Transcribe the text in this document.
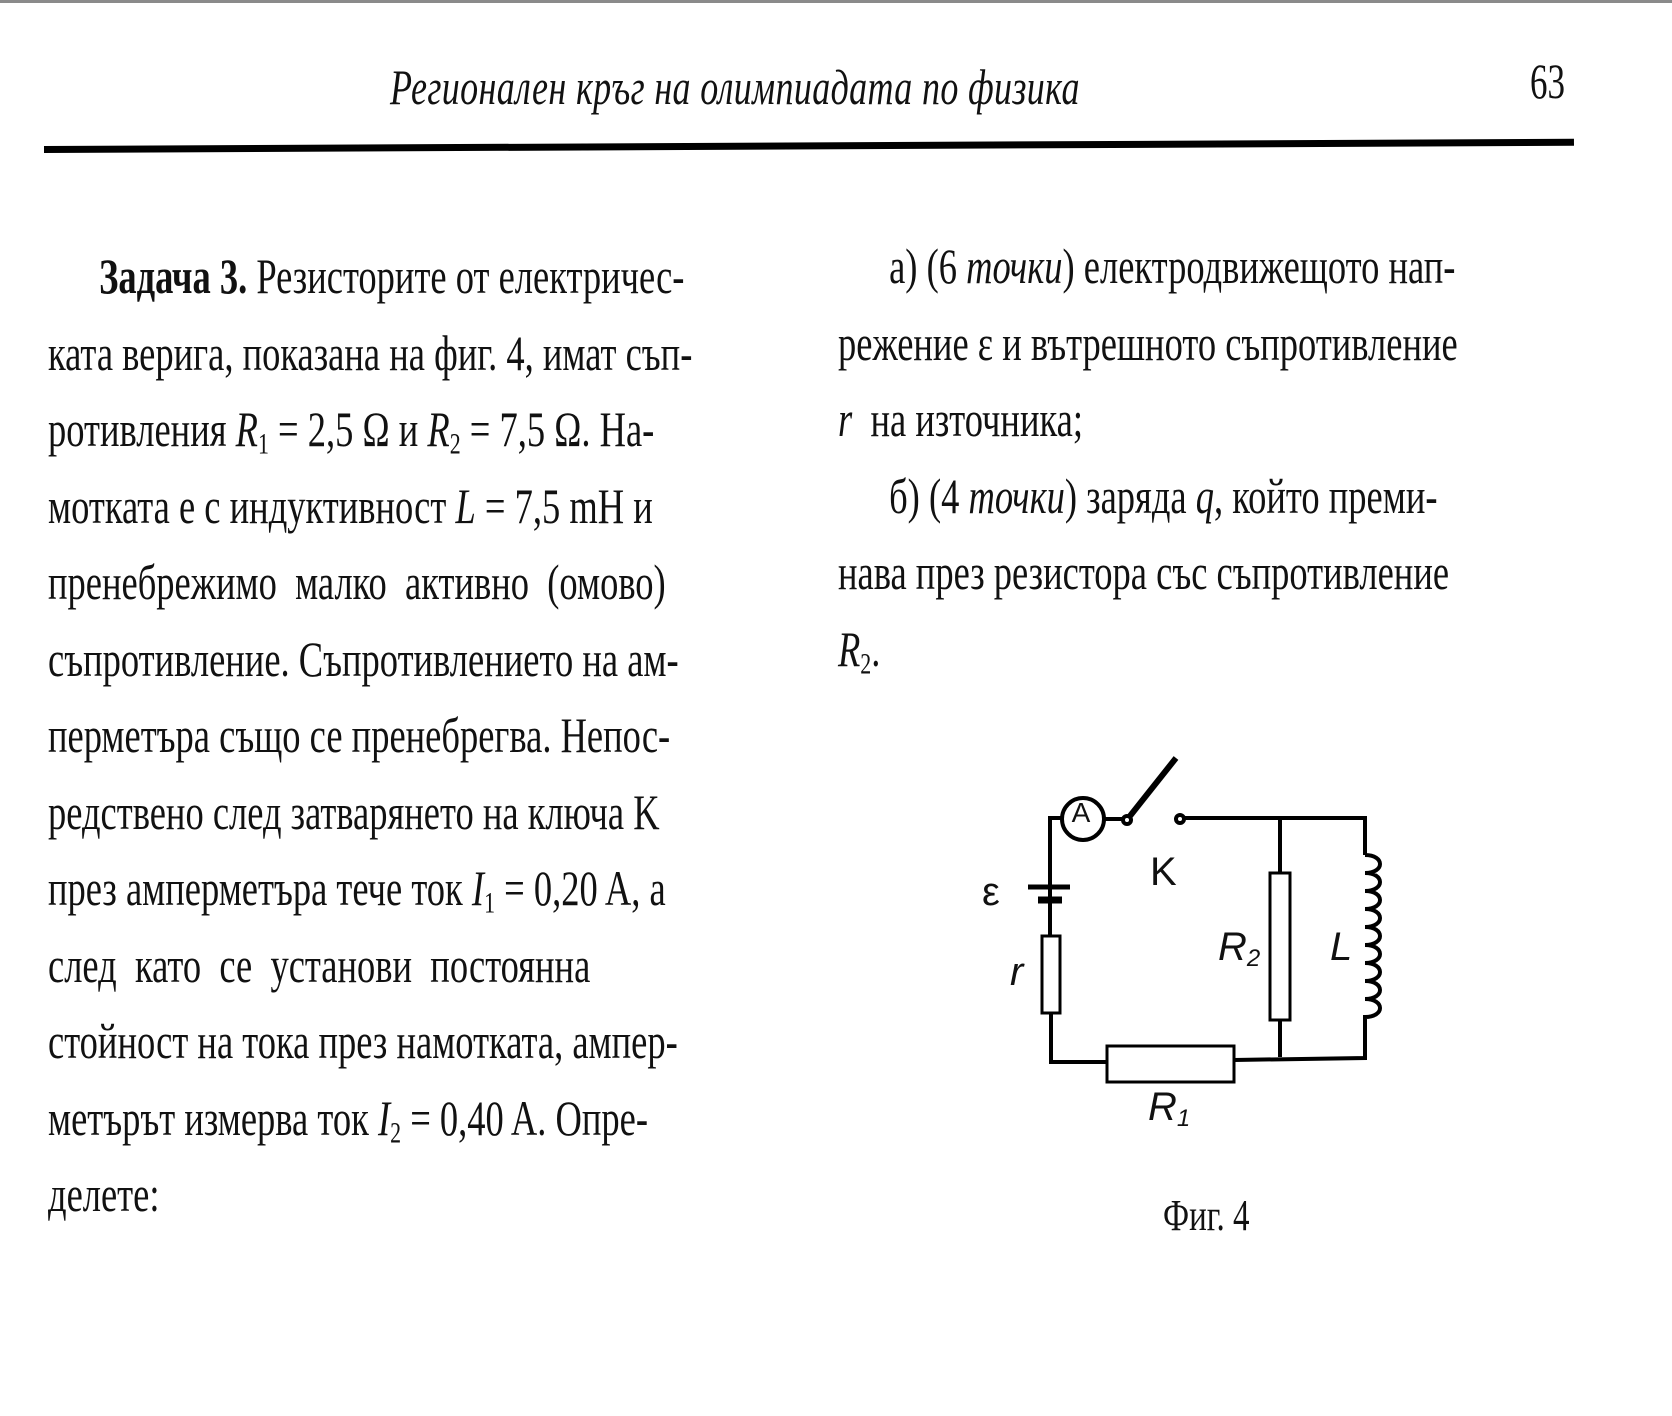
Регионален кръг на олимпиадата по физика	63
Задача 3. Резисторите от електричес-
ката верига, показана на фиг. 4, имат съп-
ротивления $R_1 = 2,5$ Ω и $R_2 = 7,5$ Ω. На-
мотката е с индуктивност L = 7,5 mH и
пренебрежимо  малко  активно  (омово)
съпротивление. Съпротивлението на ам-
перметъра също се пренебрегва. Непос-
редствено след затварянето на ключа K
през амперметъра тече ток $I_1 = 0,20$ A, а
след  като  се  установи  постоянна
стойност на тока през намотката, ампер-
метърът измерва ток $I_2 = 0,40$ A. Опре-
делете:
а) (6 точки) електродвижещото нап-
режение ε и вътрешното съпротивление
r на източника;
б) (4 точки) заряда q, който преми-
нава през резистора със съпротивление
$R_2$.
A
K
ε
r
$R_2$ L
$R_1$
Фиг. 4
